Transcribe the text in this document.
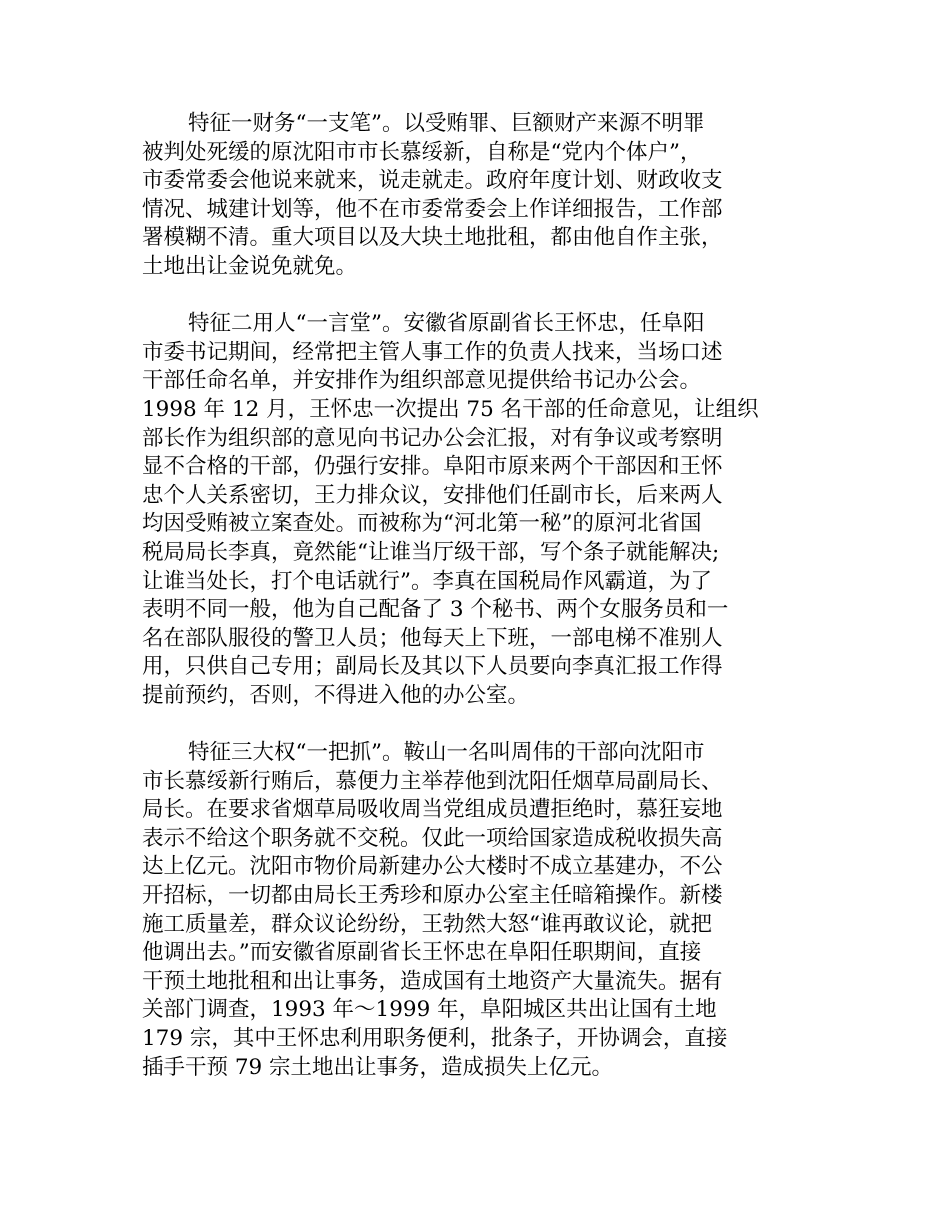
特征一财务“一支笔”。以受贿罪、巨额财产来源不明罪
被判处死缓的原沈阳市市长慕绥新，自称是“党内个体户”，
市委常委会他说来就来，说走就走。政府年度计划、财政收支
情况、城建计划等，他不在市委常委会上作详细报告，工作部
署模糊不清。重大项目以及大块土地批租，都由他自作主张，
土地出让金说免就免。
特征二用人“一言堂”。安徽省原副省长王怀忠，任阜阳
市委书记期间，经常把主管人事工作的负责人找来，当场口述
干部任命名单，并安排作为组织部意见提供给书记办公会。
1998 年 12 月，王怀忠一次提出 75 名干部的任命意见，让组织
部长作为组织部的意见向书记办公会汇报，对有争议或考察明
显不合格的干部，仍强行安排。阜阳市原来两个干部因和王怀
忠个人关系密切，王力排众议，安排他们任副市长，后来两人
均因受贿被立案查处。而被称为“河北第一秘”的原河北省国
税局局长李真，竟然能“让谁当厅级干部，写个条子就能解决;
让谁当处长，打个电话就行”。李真在国税局作风霸道，为了
表明不同一般，他为自己配备了 3 个秘书、两个女服务员和一
名在部队服役的警卫人员；他每天上下班，一部电梯不准别人
用，只供自己专用；副局长及其以下人员要向李真汇报工作得
提前预约，否则，不得进入他的办公室。
特征三大权“一把抓”。鞍山一名叫周伟的干部向沈阳市
市长慕绥新行贿后，慕便力主举荐他到沈阳任烟草局副局长、
局长。在要求省烟草局吸收周当党组成员遭拒绝时，慕狂妄地
表示不给这个职务就不交税。仅此一项给国家造成税收损失高
达上亿元。沈阳市物价局新建办公大楼时不成立基建办，不公
开招标，一切都由局长王秀珍和原办公室主任暗箱操作。新楼
施工质量差，群众议论纷纷，王勃然大怒“谁再敢议论，就把
他调出去。”而安徽省原副省长王怀忠在阜阳任职期间，直接
干预土地批租和出让事务，造成国有土地资产大量流失。据有
关部门调查，1993 年～1999 年，阜阳城区共出让国有土地
179 宗，其中王怀忠利用职务便利，批条子，开协调会，直接
插手干预 79 宗土地出让事务，造成损失上亿元。
